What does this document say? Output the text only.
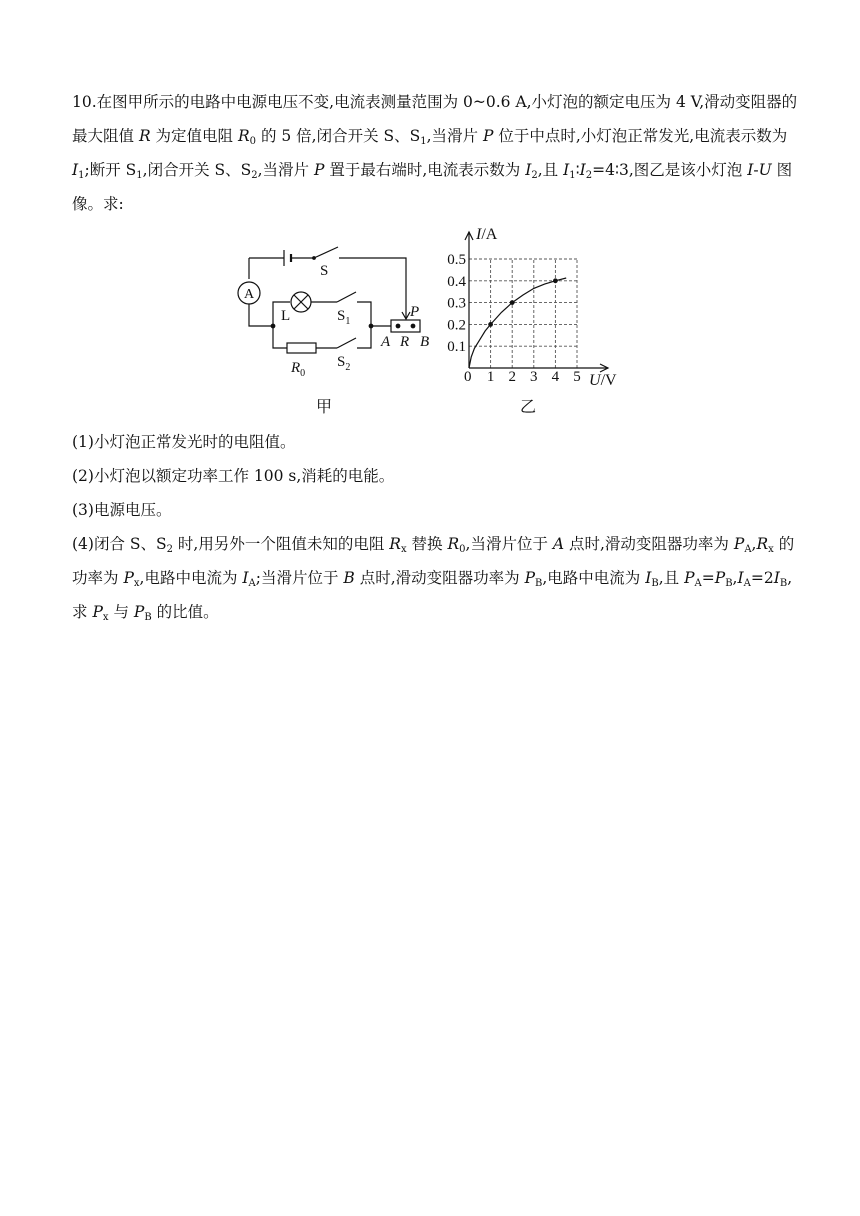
10.在图甲所示的电路中电源电压不变,电流表测量范围为 0~0.6 A,小灯泡的额定电压为 4 V,滑动变阻器的最大阻值 R 为定值电阻 $R_0$ 的 5 倍,闭合开关 S、$S_1$,当滑片 P 位于中点时,小灯泡正常发光,电流表示数为 $I_1$;断开 $S_1$,闭合开关 S、$S_2$,当滑片 P 置于最右端时,电流表示数为 $I_2$,且 $I_1∶I_2=4∶3$,图乙是该小灯泡 I-U 图像。求:
A
S
L	$S_1$
$R_0$
$S_2$
P
A R B
1 2 3 4 5
0.1
0.2
0.3
0.4
0.5
I/A
U/V
0
甲	乙
(1)小灯泡正常发光时的电阻值。
(2)小灯泡以额定功率工作 100 s,消耗的电能。
(3)电源电压。
(4)闭合 S、$S_2$ 时,用另外一个阻值未知的电阻 $R_x$ 替换 $R_0$,当滑片位于 A 点时,滑动变阻器功率为 $P_A,R_x$ 的功率为 $P_x$,电路中电流为 $I_A$;当滑片位于 B 点时,滑动变阻器功率为 $P_B$,电路中电流为 $I_B$,且 $P_A=P_B,I_A=2I_B$,求 $P_x$ 与 $P_B$ 的比值。
